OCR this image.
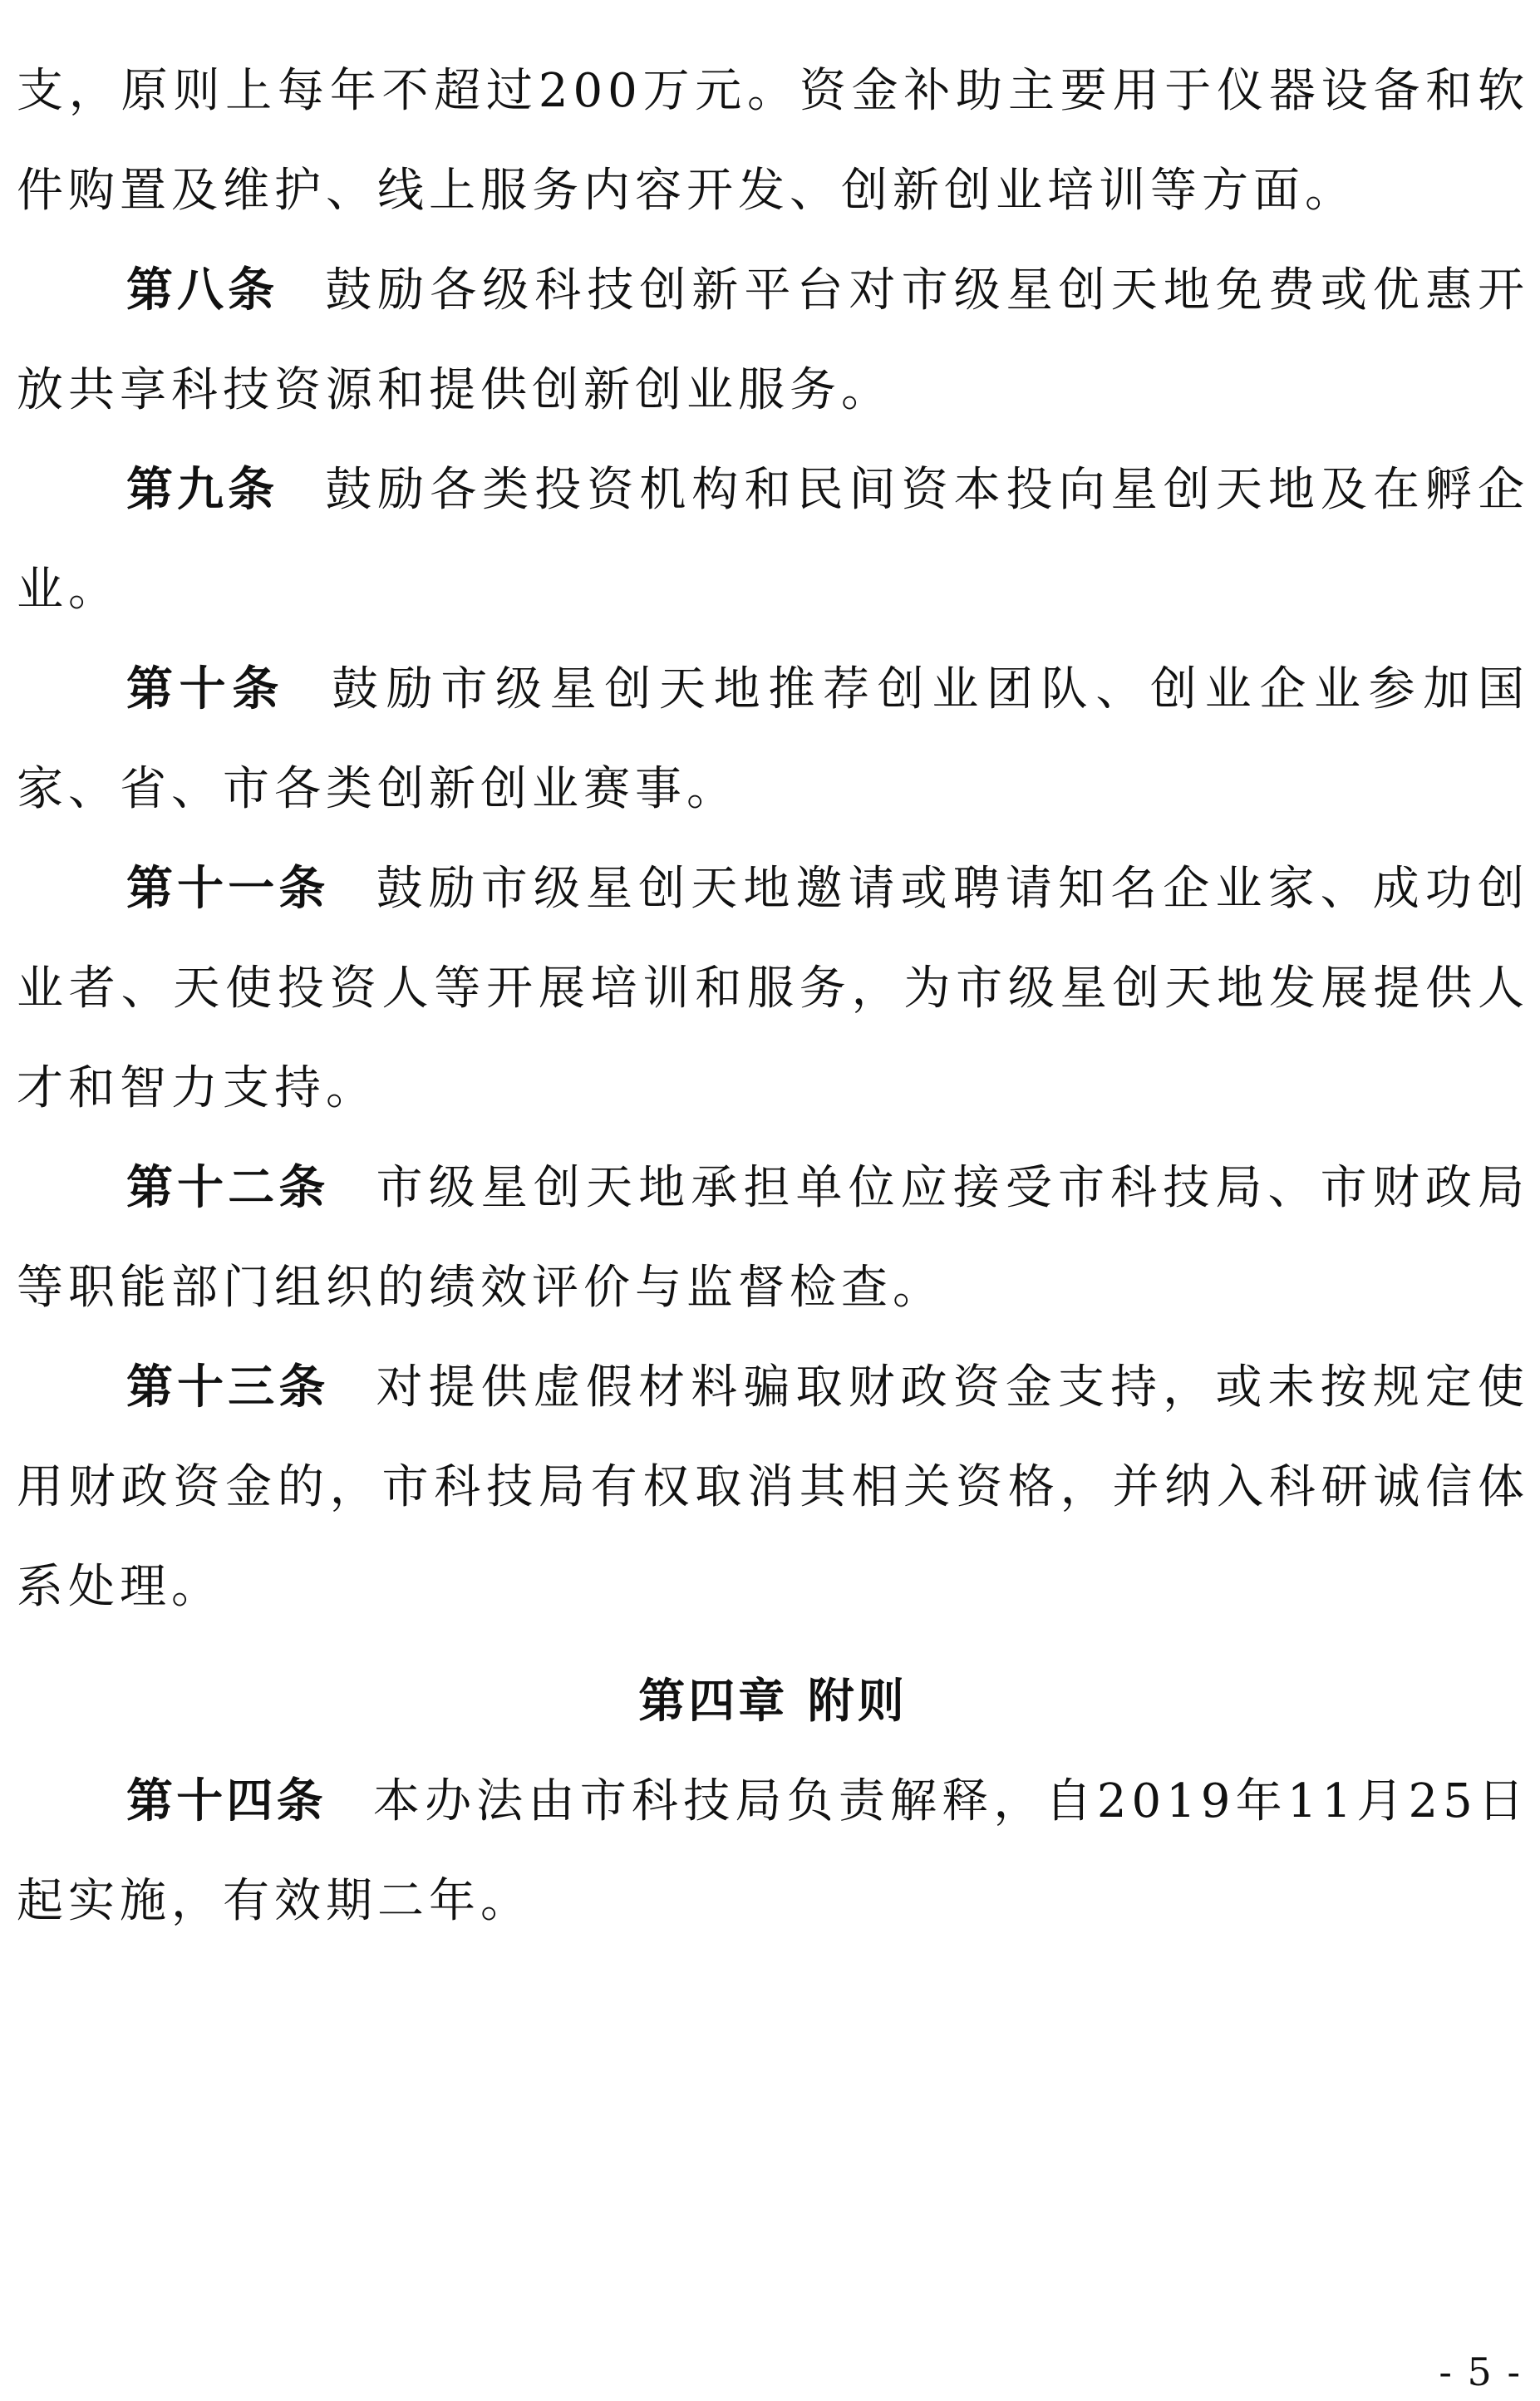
支，原则上每年不超过200万元。资金补助主要用于仪器设备和软件购置及维护、线上服务内容开发、创新创业培训等方面。

第八条 鼓励各级科技创新平台对市级星创天地免费或优惠开放共享科技资源和提供创新创业服务。

第九条 鼓励各类投资机构和民间资本投向星创天地及在孵企业。

第十条 鼓励市级星创天地推荐创业团队、创业企业参加国家、省、市各类创新创业赛事。

第十一条 鼓励市级星创天地邀请或聘请知名企业家、成功创业者、天使投资人等开展培训和服务，为市级星创天地发展提供人才和智力支持。

第十二条 市级星创天地承担单位应接受市科技局、市财政局等职能部门组织的绩效评价与监督检查。

第十三条 对提供虚假材料骗取财政资金支持，或未按规定使用财政资金的，市科技局有权取消其相关资格，并纳入科研诚信体系处理。

第四章 附则

第十四条 本办法由市科技局负责解释，自2019年11月25日起实施，有效期二年。

- 5 -
